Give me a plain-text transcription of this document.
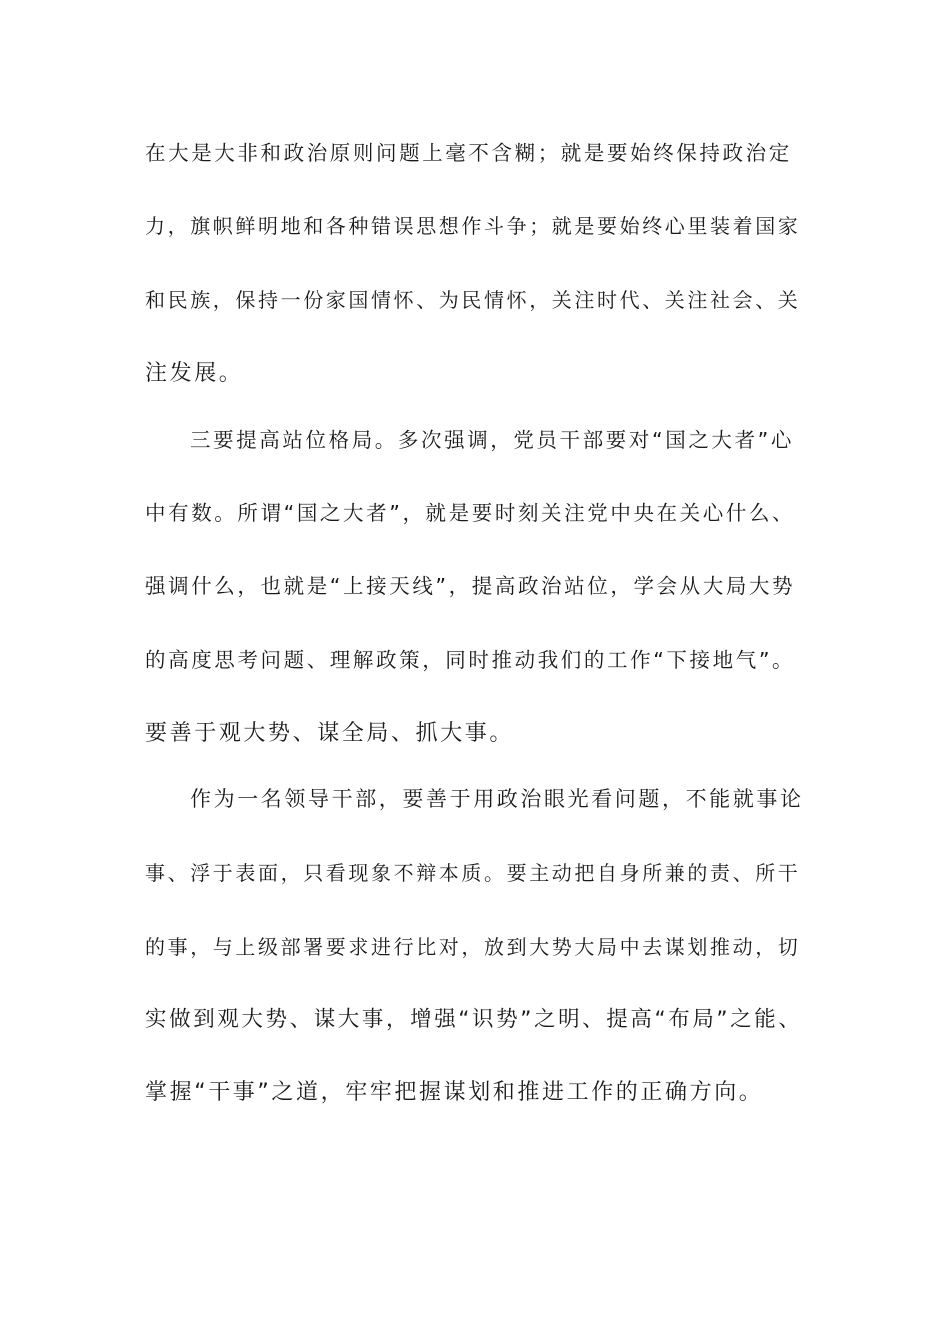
在大是大非和政治原则问题上毫不含糊；就是要始终保持政治定
力，旗帜鲜明地和各种错误思想作斗争；就是要始终心里装着国家
和民族，保持一份家国情怀、为民情怀，关注时代、关注社会、关
注发展。
三要提高站位格局。多次强调，党员干部要对“国之大者”心
中有数。所谓“国之大者”，就是要时刻关注党中央在关心什么、
强调什么，也就是“上接天线”，提高政治站位，学会从大局大势
的高度思考问题、理解政策，同时推动我们的工作“下接地气”。
要善于观大势、谋全局、抓大事。
作为一名领导干部，要善于用政治眼光看问题，不能就事论
事、浮于表面，只看现象不辩本质。要主动把自身所兼的责、所干
的事，与上级部署要求进行比对，放到大势大局中去谋划推动，切
实做到观大势、谋大事，增强“识势”之明、提高“布局”之能、
掌握“干事”之道，牢牢把握谋划和推进工作的正确方向。
